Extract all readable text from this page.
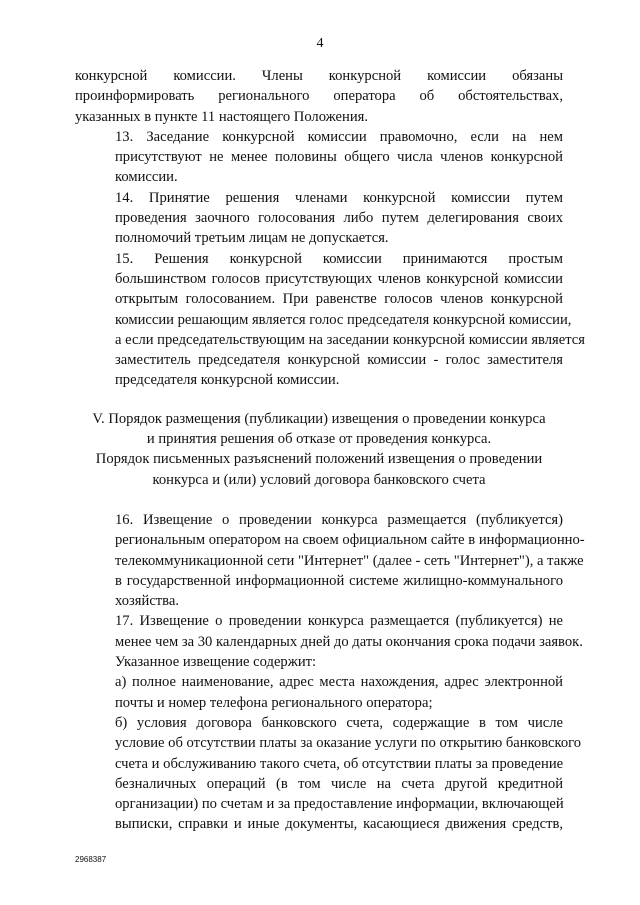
4

конкурсной комиссии. Члены конкурсной комиссии обязаны
проинформировать регионального оператора об обстоятельствах,
указанных в пункте 11 настоящего Положения.

13. Заседание конкурсной комиссии правомочно, если на нем
присутствуют не менее половины общего числа членов конкурсной
комиссии.

14. Принятие решения членами конкурсной комиссии путем
проведения заочного голосования либо путем делегирования своих
полномочий третьим лицам не допускается.

15. Решения конкурсной комиссии принимаются простым
большинством голосов присутствующих членов конкурсной комиссии
открытым голосованием. При равенстве голосов членов конкурсной
комиссии решающим является голос председателя конкурсной комиссии,
а если председательствующим на заседании конкурсной комиссии является
заместитель председателя конкурсной комиссии - голос заместителя
председателя конкурсной комиссии.

V. Порядок размещения (публикации) извещения о проведении конкурса
и принятия решения об отказе от проведения конкурса.
Порядок письменных разъяснений положений извещения о проведении
конкурса и (или) условий договора банковского счета

16. Извещение о проведении конкурса размещается (публикуется)
региональным оператором на своем официальном сайте в информационно-
телекоммуникационной сети "Интернет" (далее - сеть "Интернет"), а также
в государственной информационной системе жилищно-коммунального
хозяйства.

17. Извещение о проведении конкурса размещается (публикуется) не
менее чем за 30 календарных дней до даты окончания срока подачи заявок.
Указанное извещение содержит:

а) полное наименование, адрес места нахождения, адрес электронной
почты и номер телефона регионального оператора;

б) условия договора банковского счета, содержащие в том числе
условие об отсутствии платы за оказание услуги по открытию банковского
счета и обслуживанию такого счета, об отсутствии платы за проведение
безналичных операций (в том числе на счета другой кредитной
организации) по счетам и за предоставление информации, включающей
выписки, справки и иные документы, касающиеся движения средств,

2968387
